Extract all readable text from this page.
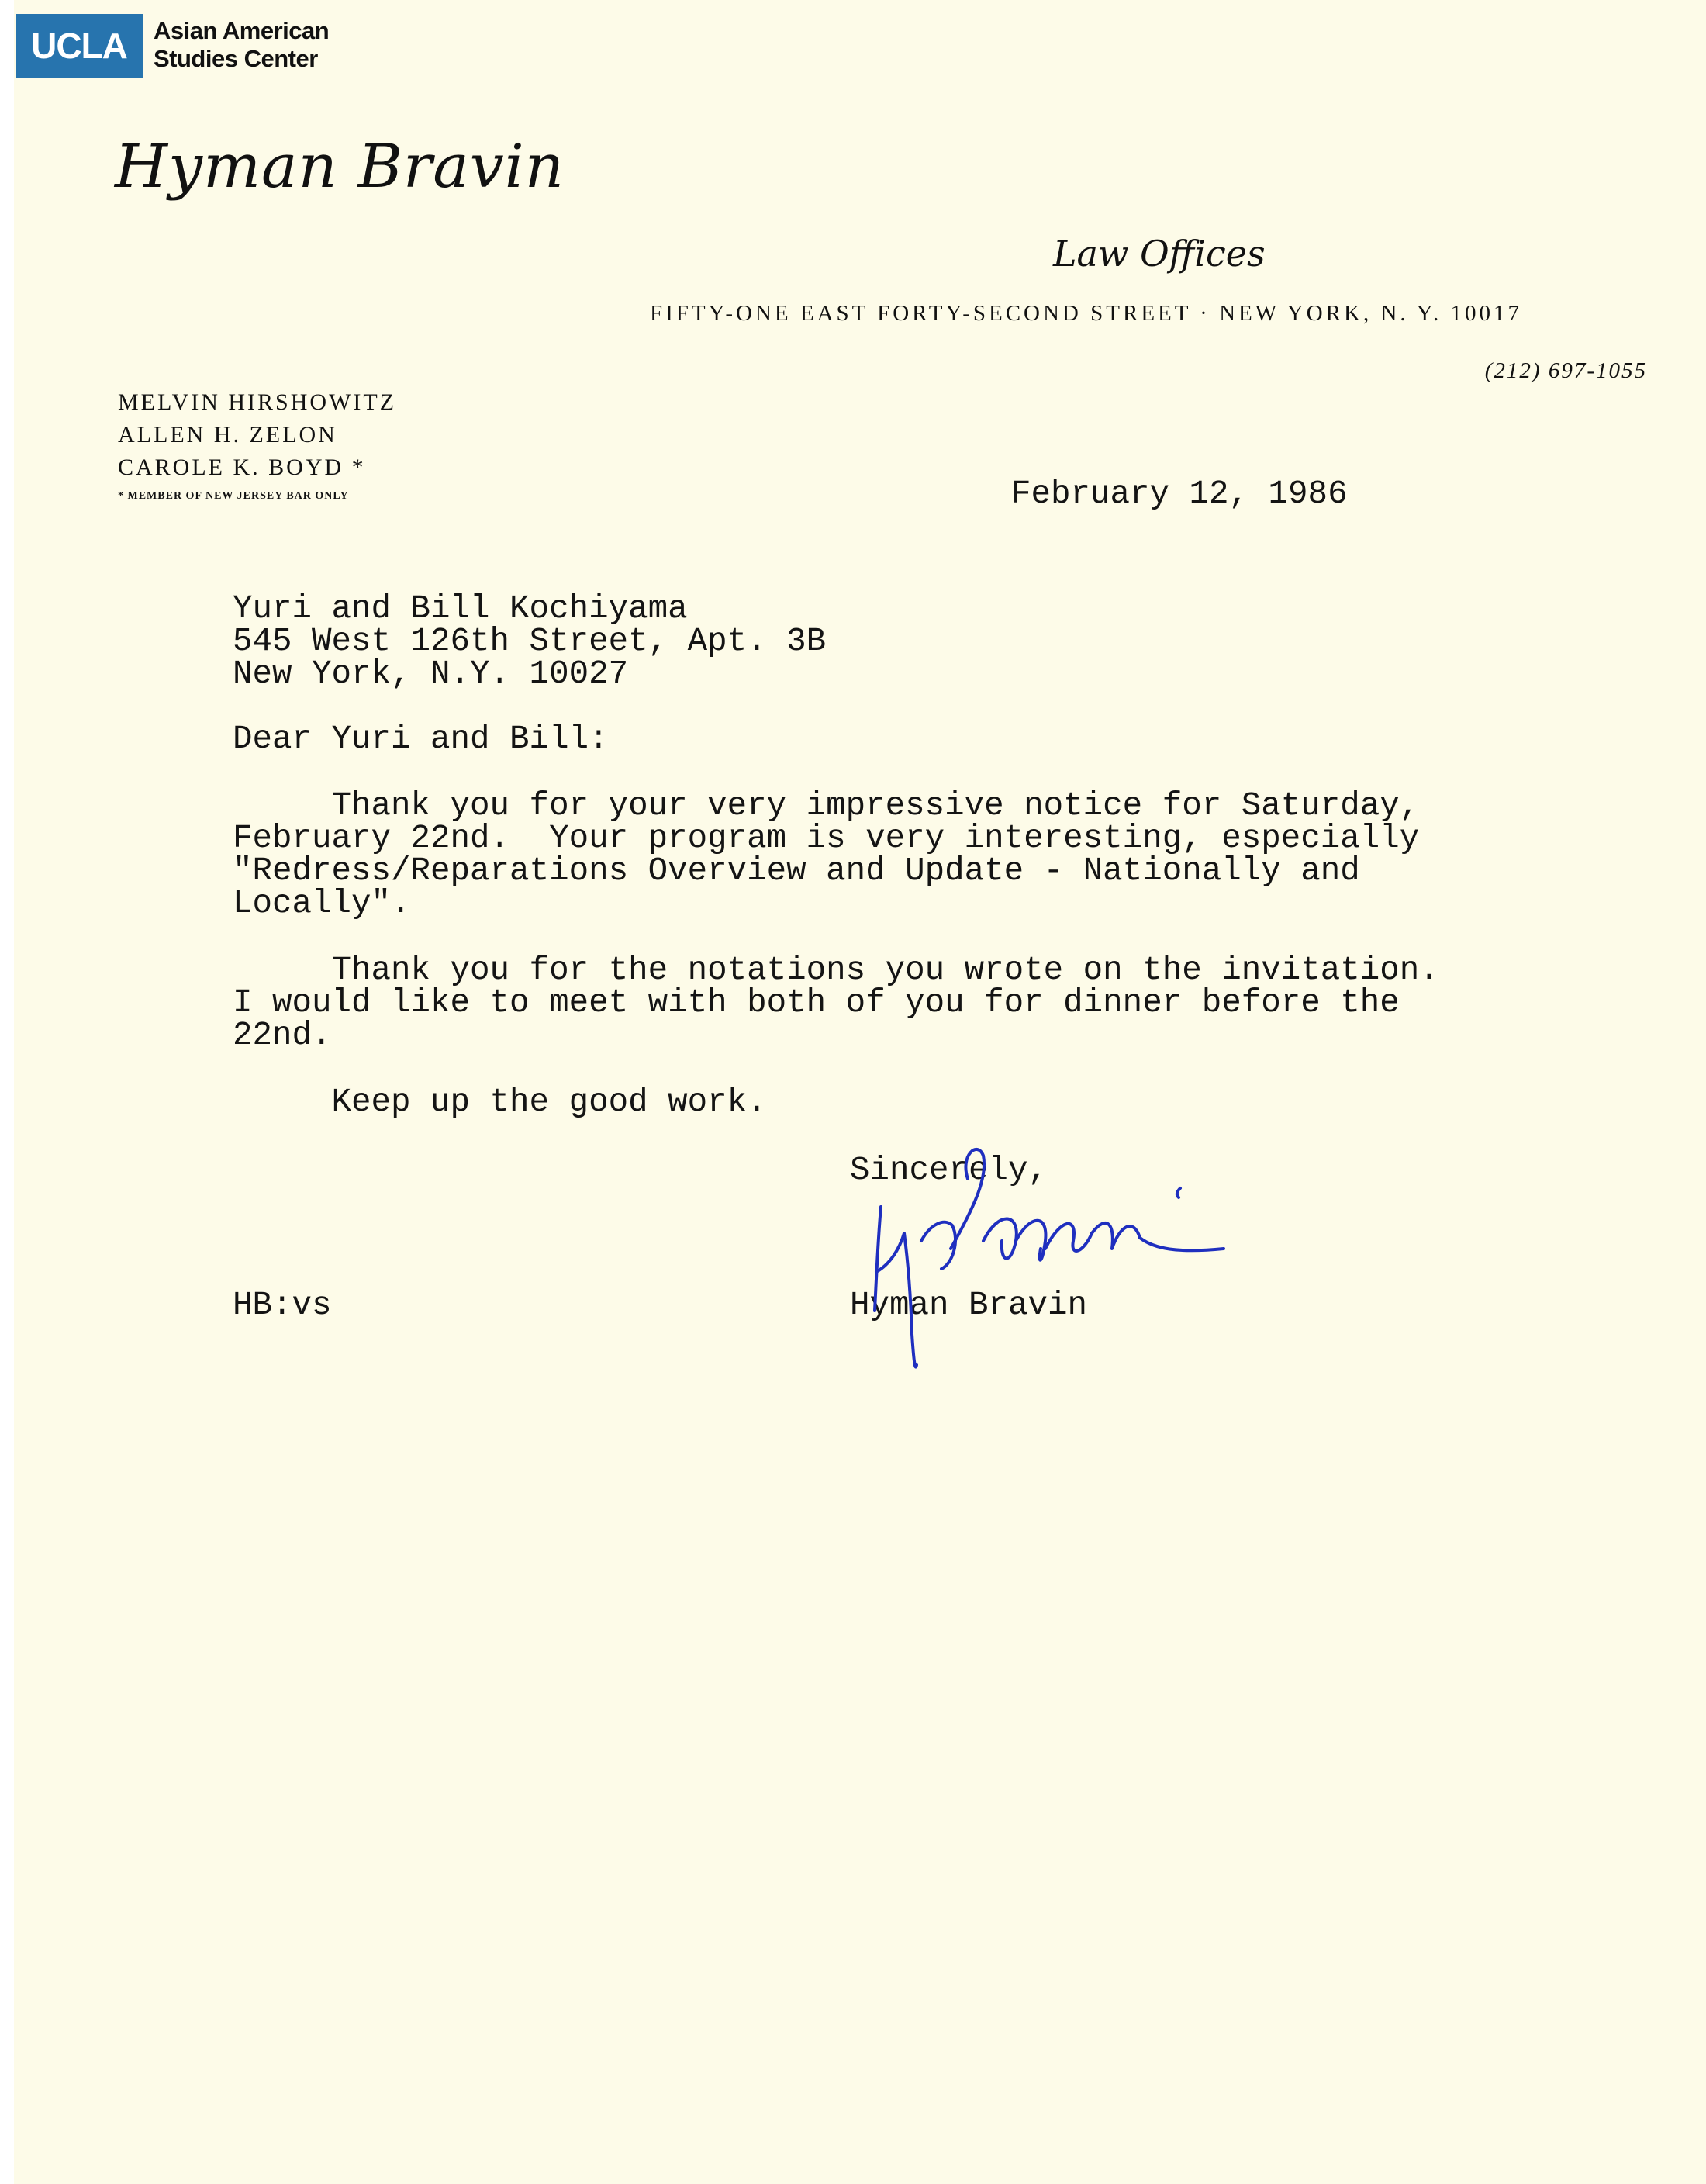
UCLA	Asian American
Studies Center
Hyman Bravin
Law Offices
FIFTY-ONE EAST FORTY-SECOND STREET · NEW YORK, N. Y. 10017
(212) 697-1055
MELVIN HIRSHOWITZ
ALLEN H. ZELON
CAROLE K. BOYD *
* MEMBER OF NEW JERSEY BAR ONLY	February 12, 1986
Yuri and Bill Kochiyama
545 West 126th Street, Apt. 3B
New York, N.Y. 10027
Dear Yuri and Bill:
Thank you for your very impressive notice for Saturday,
February 22nd.  Your program is very interesting, especially
"Redress/Reparations Overview and Update - Nationally and
Locally".
Thank you for the notations you wrote on the invitation.
I would like to meet with both of you for dinner before the
22nd.
Keep up the good work.
Sincerely,
Hyman Bravin
HB:vs
